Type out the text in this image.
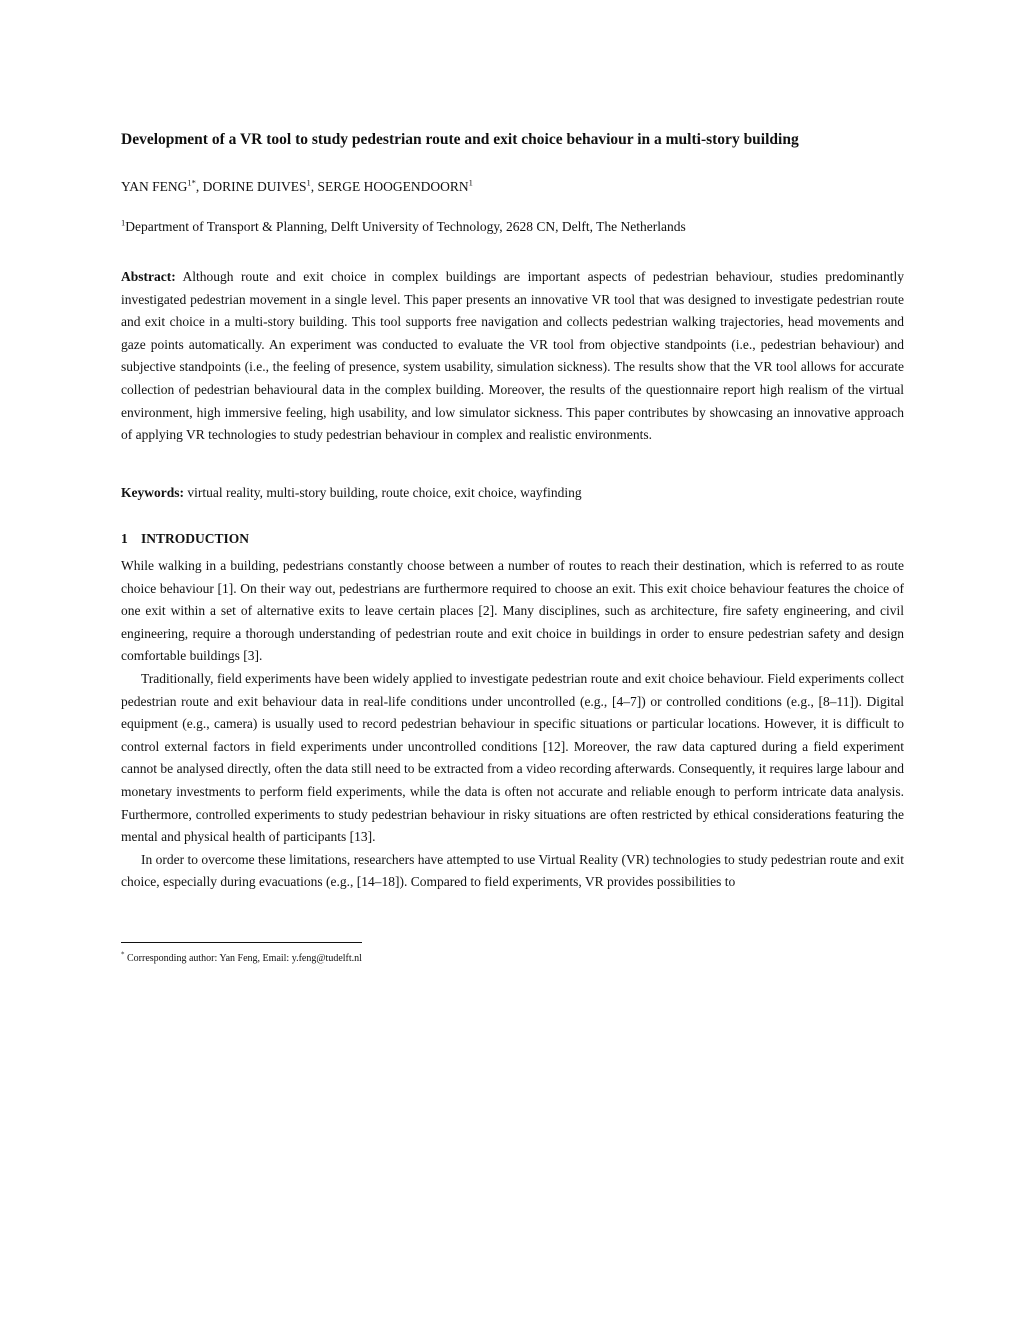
Development of a VR tool to study pedestrian route and exit choice behaviour in a multi-story building
YAN $FENG^{1*}$, DORINE DUIVES$^1$, SERGE HOOGENDOORN$^1$
$^1$Department of Transport & Planning, Delft University of Technology, 2628 CN, Delft, The Netherlands

Abstract: Although route and exit choice in complex buildings are important aspects of pedestrian behaviour, studies predominantly investigated pedestrian movement in a single level. This paper presents an innovative VR tool that was designed to investigate pedestrian route and exit choice in a multi-story building. This tool supports free navigation and collects pedestrian walking trajectories, head movements and gaze points automatically. An experiment was conducted to evaluate the VR tool from objective standpoints (i.e., pedestrian behaviour) and subjective standpoints (i.e., the feeling of presence, system usability, simulation sickness). The results show that the VR tool allows for accurate collection of pedestrian behavioural data in the complex building. Moreover, the results of the questionnaire report high realism of the virtual environment, high immersive feeling, high usability, and low simulator sickness. This paper contributes by showcasing an innovative approach of applying VR technologies to study pedestrian behaviour in complex and realistic environments.

Keywords: virtual reality, multi-story building, route choice, exit choice, wayfinding

1 INTRODUCTION

While walking in a building, pedestrians constantly choose between a number of routes to reach their destination, which is referred to as route choice behaviour [1]. On their way out, pedestrians are furthermore required to choose an exit. This exit choice behaviour features the choice of one exit within a set of alternative exits to leave certain places [2]. Many disciplines, such as architecture, fire safety engineering, and civil engineering, require a thorough understanding of pedestrian route and exit choice in buildings in order to ensure pedestrian safety and design comfortable buildings [3].

Traditionally, field experiments have been widely applied to investigate pedestrian route and exit choice behaviour. Field experiments collect pedestrian route and exit behaviour data in real-life conditions under uncontrolled (e.g., [4–7]) or controlled conditions (e.g., [8–11]). Digital equipment (e.g., camera) is usually used to record pedestrian behaviour in specific situations or particular locations. However, it is difficult to control external factors in field experiments under uncontrolled conditions [12]. Moreover, the raw data captured during a field experiment cannot be analysed directly, often the data still need to be extracted from a video recording afterwards. Consequently, it requires large labour and monetary investments to perform field experiments, while the data is often not accurate and reliable enough to perform intricate data analysis. Furthermore, controlled experiments to study pedestrian behaviour in risky situations are often restricted by ethical considerations featuring the mental and physical health of participants [13].

In order to overcome these limitations, researchers have attempted to use Virtual Reality (VR) technologies to study pedestrian route and exit choice, especially during evacuations (e.g., [14–18]). Compared to field experiments, VR provides possibilities to

* Corresponding author: Yan Feng, Email: y.feng@tudelft.nl
